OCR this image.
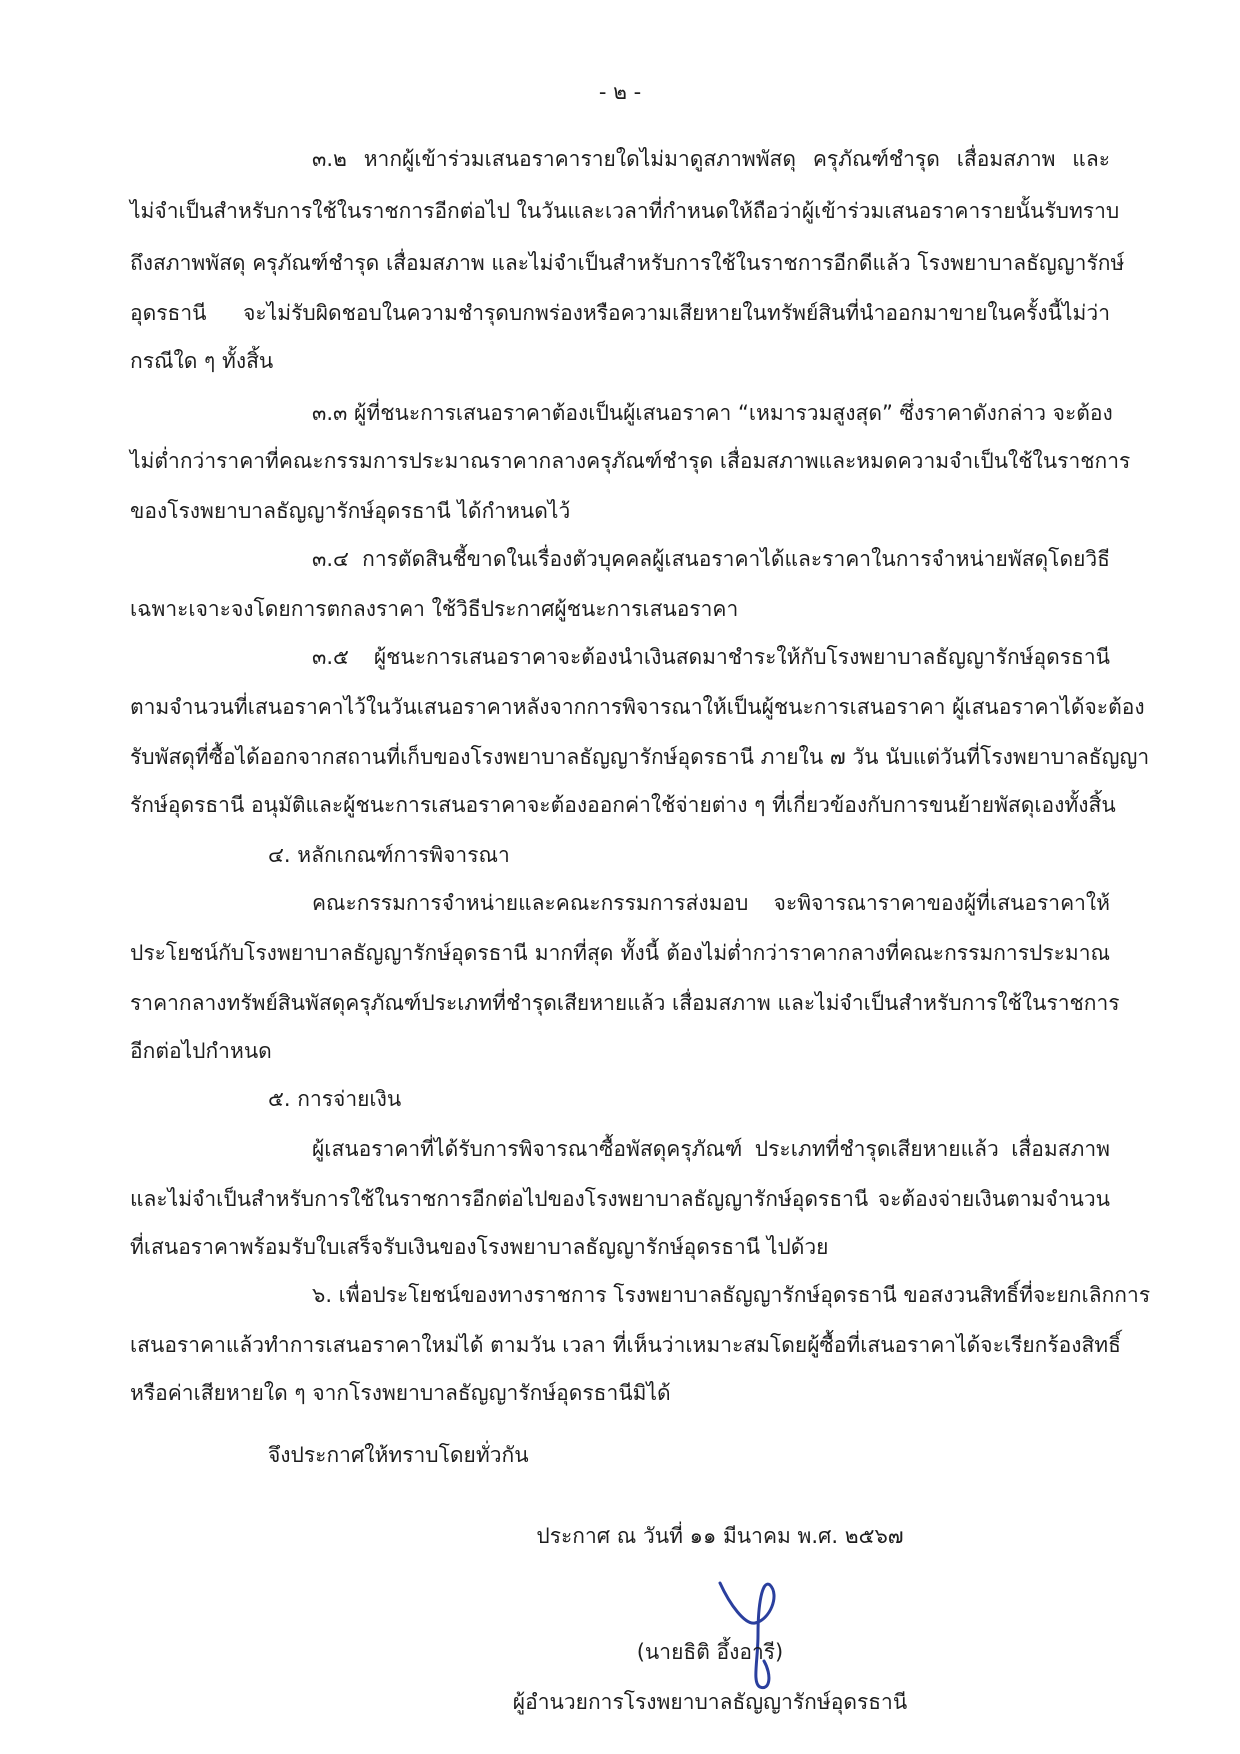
- ๒ -
๓.๒ หากผู้เข้าร่วมเสนอราคารายใดไม่มาดูสภาพพัสดุ ครุภัณฑ์ชำรุด เสื่อมสภาพ และ
ไม่จำเป็นสำหรับการใช้ในราชการอีกต่อไป ในวันและเวลาที่กำหนดให้ถือว่าผู้เข้าร่วมเสนอราคารายนั้นรับทราบ
ถึงสภาพพัสดุ ครุภัณฑ์ชำรุด เสื่อมสภาพ และไม่จำเป็นสำหรับการใช้ในราชการอีกดีแล้ว โรงพยาบาลธัญญารักษ์
อุดรธานี จะไม่รับผิดชอบในความชำรุดบกพร่องหรือความเสียหายในทรัพย์สินที่นำออกมาขายในครั้งนี้ไม่ว่า
กรณีใด ๆ ทั้งสิ้น
๓.๓ ผู้ที่ชนะการเสนอราคาต้องเป็นผู้เสนอราคา “เหมารวมสูงสุด” ซึ่งราคาดังกล่าว จะต้อง
ไม่ต่ำกว่าราคาที่คณะกรรมการประมาณราคากลางครุภัณฑ์ชำรุด เสื่อมสภาพและหมดความจำเป็นใช้ในราชการ
ของโรงพยาบาลธัญญารักษ์อุดรธานี ได้กำหนดไว้
๓.๔ การตัดสินชี้ขาดในเรื่องตัวบุคคลผู้เสนอราคาได้และราคาในการจำหน่ายพัสดุโดยวิธี
เฉพาะเจาะจงโดยการตกลงราคา ใช้วิธีประกาศผู้ชนะการเสนอราคา
๓.๕ ผู้ชนะการเสนอราคาจะต้องนำเงินสดมาชำระให้กับโรงพยาบาลธัญญารักษ์อุดรธานี
ตามจำนวนที่เสนอราคาไว้ในวันเสนอราคาหลังจากการพิจารณาให้เป็นผู้ชนะการเสนอราคา ผู้เสนอราคาได้จะต้อง
รับพัสดุที่ซื้อได้ออกจากสถานที่เก็บของโรงพยาบาลธัญญารักษ์อุดรธานี ภายใน ๗ วัน นับแต่วันที่โรงพยาบาลธัญญา
รักษ์อุดรธานี อนุมัติและผู้ชนะการเสนอราคาจะต้องออกค่าใช้จ่ายต่าง ๆ ที่เกี่ยวข้องกับการขนย้ายพัสดุเองทั้งสิ้น
๔. หลักเกณฑ์การพิจารณา
คณะกรรมการจำหน่ายและคณะกรรมการส่งมอบ จะพิจารณาราคาของผู้ที่เสนอราคาให้
ประโยชน์กับโรงพยาบาลธัญญารักษ์อุดรธานี มากที่สุด ทั้งนี้ ต้องไม่ต่ำกว่าราคากลางที่คณะกรรมการประมาณ
ราคากลางทรัพย์สินพัสดุครุภัณฑ์ประเภทที่ชำรุดเสียหายแล้ว เสื่อมสภาพ และไม่จำเป็นสำหรับการใช้ในราชการ
อีกต่อไปกำหนด
๕. การจ่ายเงิน
ผู้เสนอราคาที่ได้รับการพิจารณาซื้อพัสดุครุภัณฑ์ ประเภทที่ชำรุดเสียหายแล้ว เสื่อมสภาพ
และไม่จำเป็นสำหรับการใช้ในราชการอีกต่อไปของโรงพยาบาลธัญญารักษ์อุดรธานี จะต้องจ่ายเงินตามจำนวน
ที่เสนอราคาพร้อมรับใบเสร็จรับเงินของโรงพยาบาลธัญญารักษ์อุดรธานี ไปด้วย
๖. เพื่อประโยชน์ของทางราชการ โรงพยาบาลธัญญารักษ์อุดรธานี ขอสงวนสิทธิ์ที่จะยกเลิกการ
เสนอราคาแล้วทำการเสนอราคาใหม่ได้ ตามวัน เวลา ที่เห็นว่าเหมาะสมโดยผู้ซื้อที่เสนอราคาได้จะเรียกร้องสิทธิ์
หรือค่าเสียหายใด ๆ จากโรงพยาบาลธัญญารักษ์อุดรธานีมิได้
จึงประกาศให้ทราบโดยทั่วกัน
ประกาศ ณ วันที่ ๑๑ มีนาคม พ.ศ. ๒๕๖๗
(นายธิติ อึ้งอารี)
ผู้อำนวยการโรงพยาบาลธัญญารักษ์อุดรธานี
